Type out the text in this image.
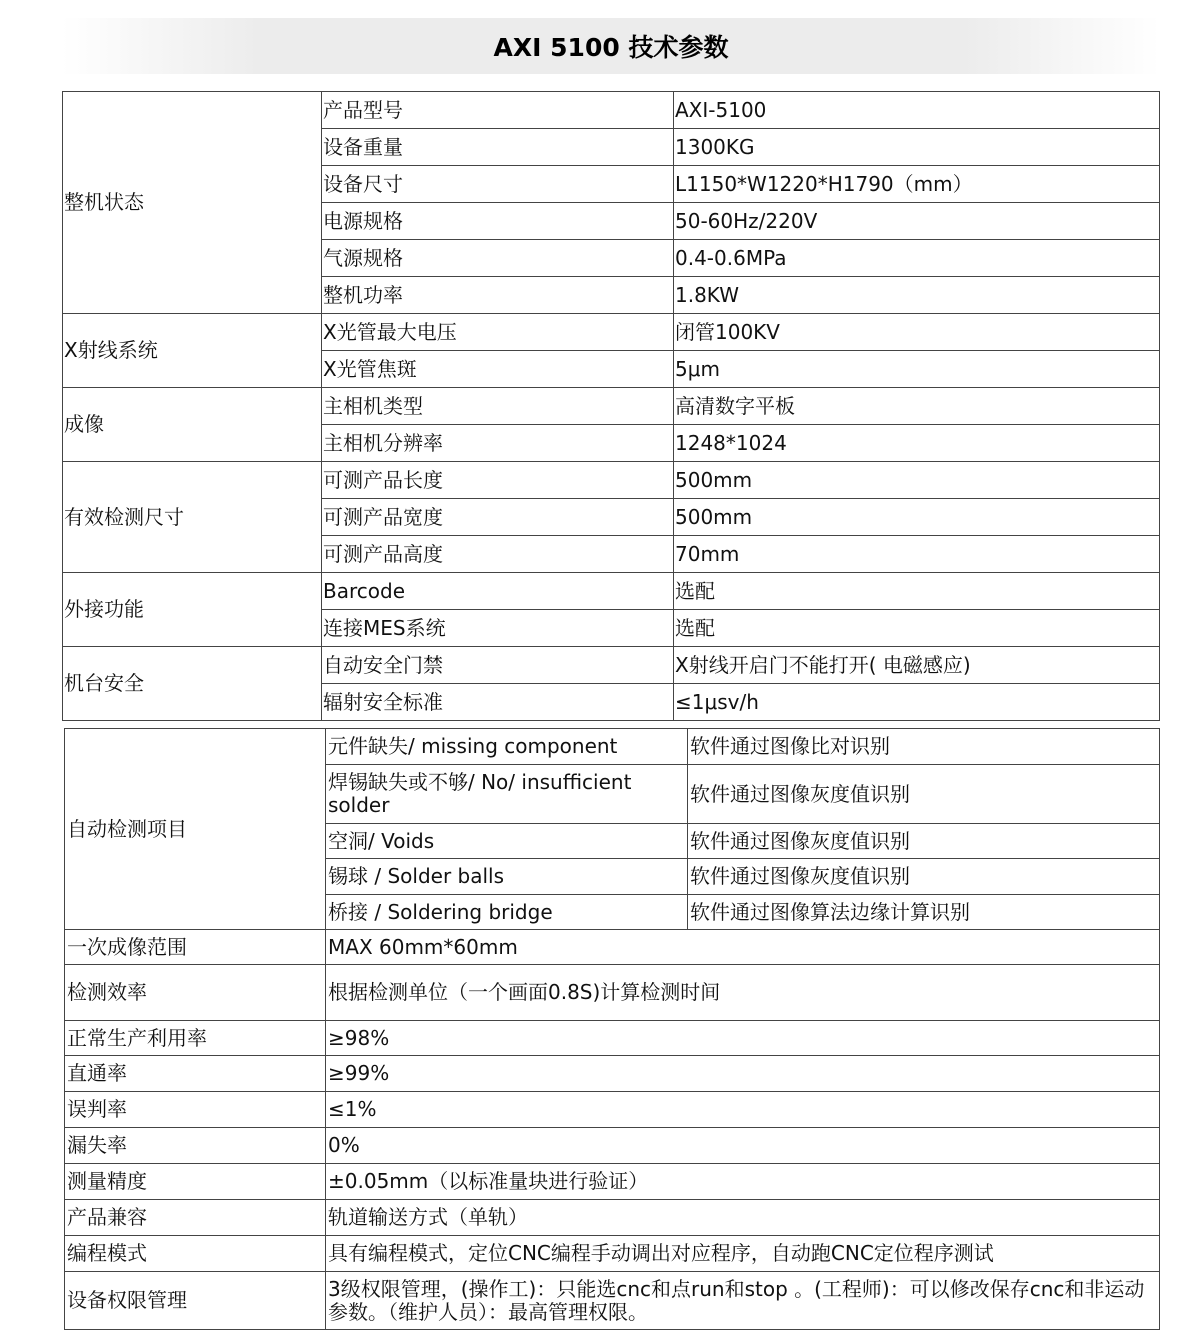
AXI 5100 技术参数
整机状态	产品型号	AXI-5100
	设备重量	1300KG
	设备尺寸	L1150*W1220*H1790（mm）
	电源规格	50-60Hz/220V
	气源规格	0.4-0.6MPa
	整机功率	1.8KW
X射线系统	X光管最大电压	闭管100KV
	X光管焦斑	5μm
成像	主相机类型	高清数字平板
	主相机分辨率	1248*1024
有效检测尺寸	可测产品长度	500mm
	可测产品宽度	500mm
	可测产品高度	70mm
外接功能	Barcode	选配
	连接MES系统	选配
机台安全	自动安全门禁	X射线开启门不能打开( 电磁感应)
	辐射安全标准	≤1μsv/h
自动检测项目	元件缺失/ missing component	软件通过图像比对识别
	焊锡缺失或不够/ No/ insufficient solder	软件通过图像灰度值识别
	空洞/ Voids	软件通过图像灰度值识别
	锡球 / Solder balls	软件通过图像灰度值识别
	桥接 / Soldering bridge	软件通过图像算法边缘计算识别
一次成像范围	MAX 60mm*60mm	
检测效率	根据检测单位（一个画面0.8S)计算检测时间	
正常生产利用率	≥98%	
直通率	≥99%	
误判率	≤1%	
漏失率	0%	
测量精度	±0.05mm（以标准量块进行验证）	
产品兼容	轨道输送方式（单轨）	
编程模式	具有编程模式，定位CNC编程手动调出对应程序，自动跑CNC定位程序测试	
设备权限管理	3级权限管理，(操作工)：只能选cnc和点run和stop 。(工程师)：可以修改保存cnc和非运动参数。（维护人员）：最高管理权限。	
